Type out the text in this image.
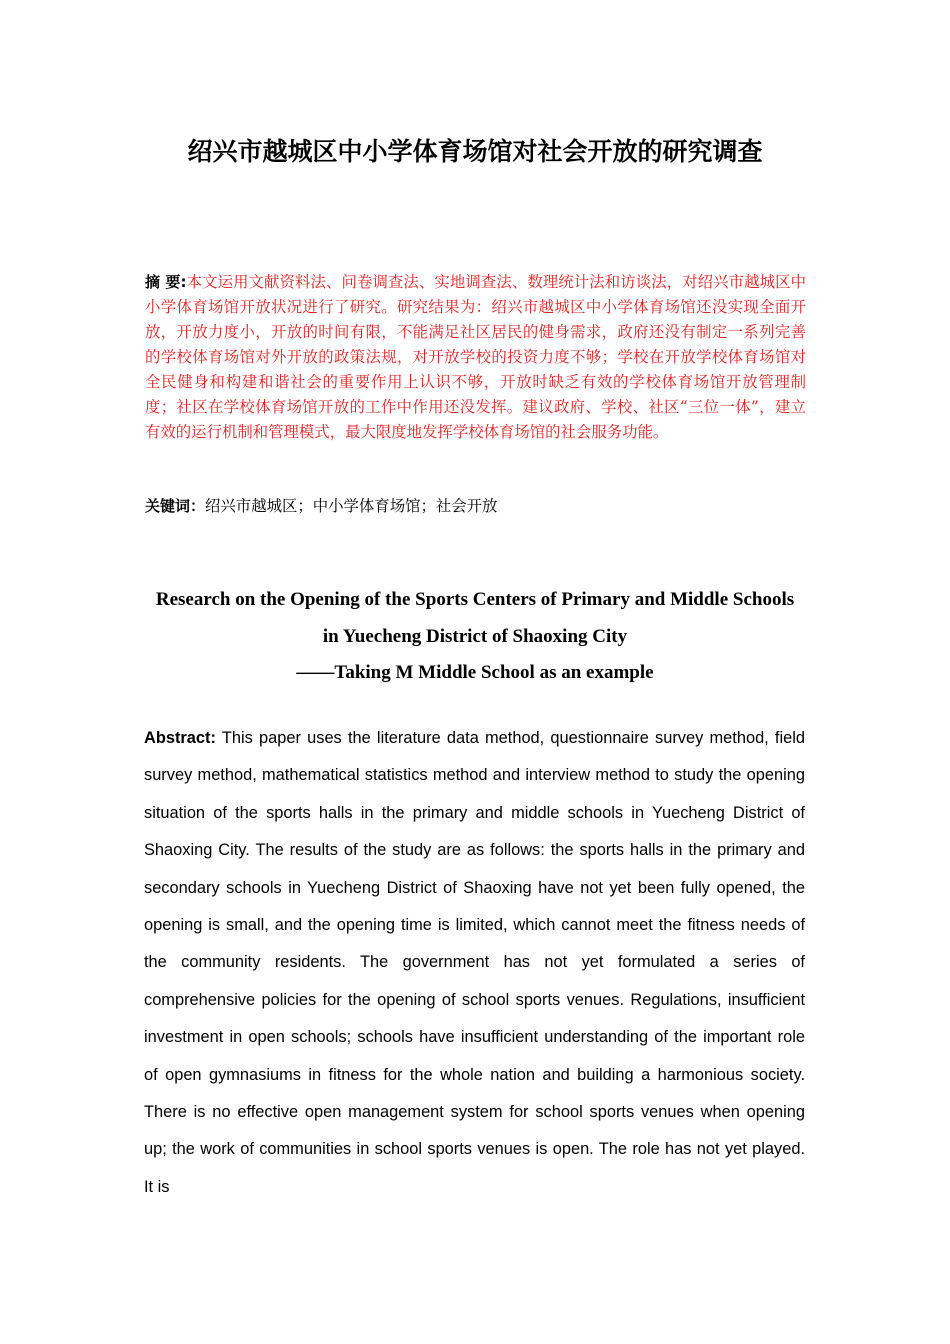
绍兴市越城区中小学体育场馆对社会开放的研究调查

摘 要:本文运用文献资料法、问卷调查法、实地调查法、数理统计法和访谈法，对绍兴市越城区中小学体育场馆开放状况进行了研究。研究结果为：绍兴市越城区中小学体育场馆还没实现全面开放，开放力度小，开放的时间有限，不能满足社区居民的健身需求，政府还没有制定一系列完善的学校体育场馆对外开放的政策法规，对开放学校的投资力度不够；学校在开放学校体育场馆对全民健身和构建和谐社会的重要作用上认识不够，开放时缺乏有效的学校体育场馆开放管理制度；社区在学校体育场馆开放的工作中作用还没发挥。建议政府、学校、社区“三位一体”，建立有效的运行机制和管理模式，最大限度地发挥学校体育场馆的社会服务功能。

关键词：绍兴市越城区；中小学体育场馆；社会开放

Research on the Opening of the Sports Centers of Primary and Middle Schools
in Yuecheng District of Shaoxing City
——Taking M Middle School as an example

Abstract: This paper uses the literature data method, questionnaire survey method, field survey method, mathematical statistics method and interview method to study the opening situation of the sports halls in the primary and middle schools in Yuecheng District of Shaoxing City. The results of the study are as follows: the sports halls in the primary and secondary schools in Yuecheng District of Shaoxing have not yet been fully opened, the opening is small, and the opening time is limited, which cannot meet the fitness needs of the community residents. The government has not yet formulated a series of comprehensive policies for the opening of school sports venues. Regulations, insufficient investment in open schools; schools have insufficient understanding of the important role of open gymnasiums in fitness for the whole nation and building a harmonious society. There is no effective open management system for school sports venues when opening up; the work of communities in school sports venues is open. The role has not yet played. It is
